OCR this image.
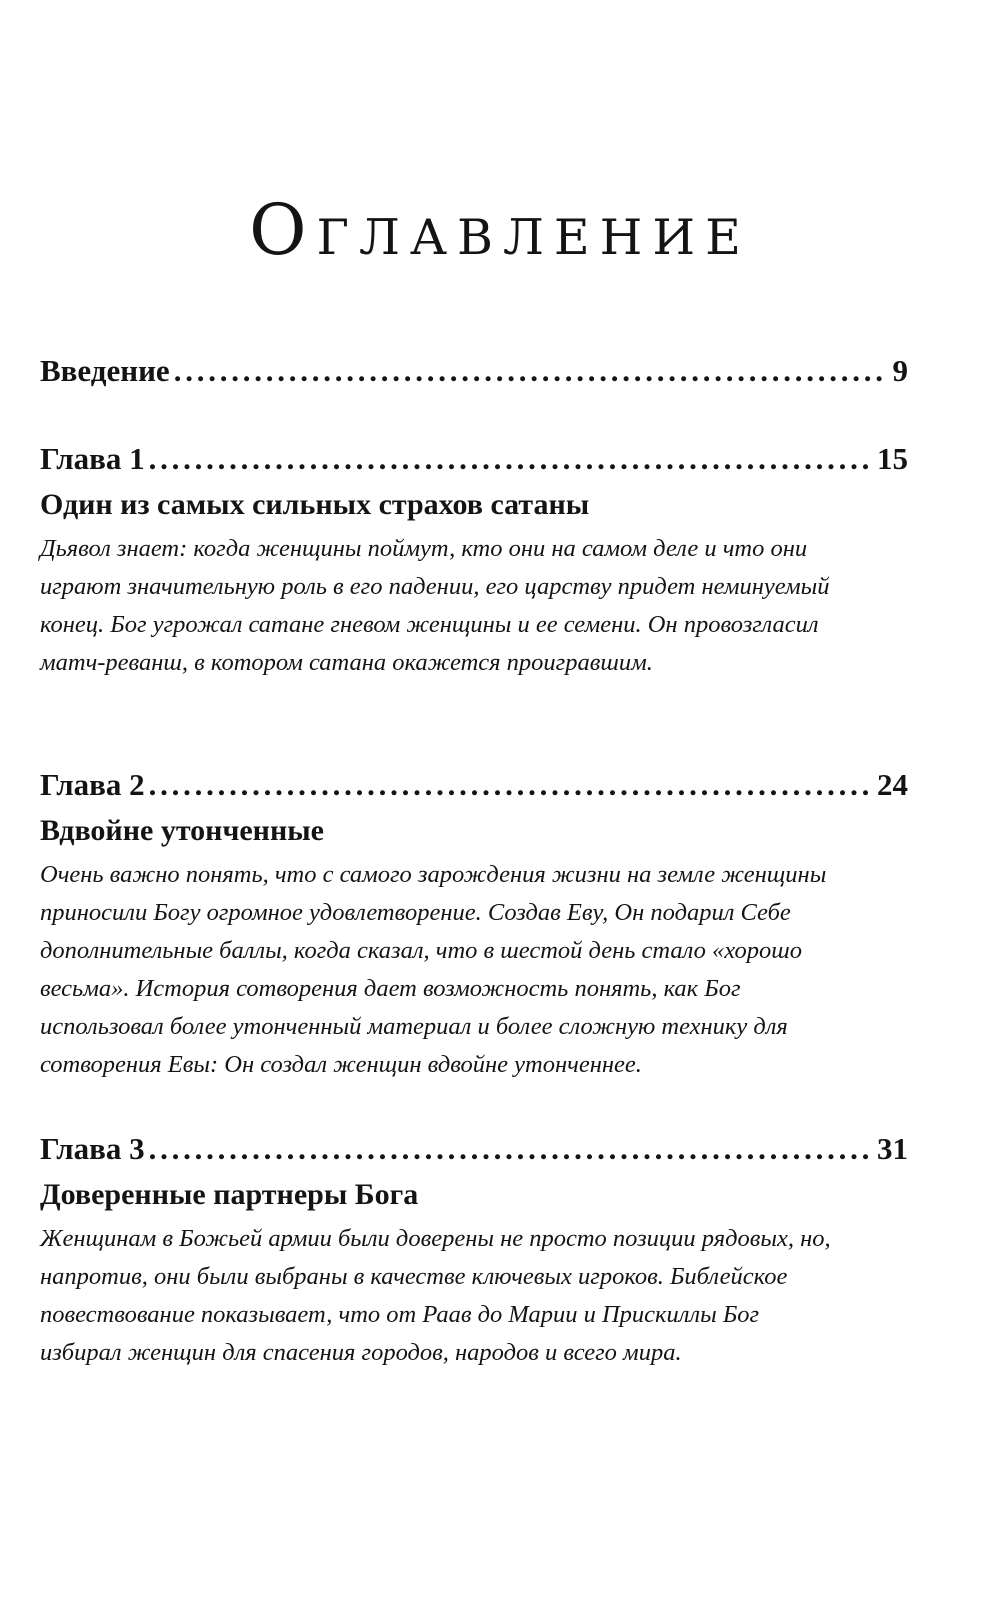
Оглавление
Введение . . .	9
Глава 1 . . .	15
Один из самых сильных страхов сатаны
Дьявол знает: когда женщины поймут, кто они на самом деле и что они играют значительную роль в его падении, его царству придет неминуемый конец. Бог угрожал сатане гневом женщины и ее семени. Он провозгласил матч-реванш, в котором сатана окажется проигравшим.
Глава 2 . . .	24
Вдвойне утонченные
Очень важно понять, что с самого зарождения жизни на земле женщины приносили Богу огромное удовлетворение. Создав Еву, Он подарил Себе дополнительные баллы, когда сказал, что в шестой день стало «хорошо весьма». История сотворения дает возможность понять, как Бог использовал более утонченный материал и более сложную технику для сотворения Евы: Он создал женщин вдвойне утонченнее.
Глава 3 . . .	31
Доверенные партнеры Бога
Женщинам в Божьей армии были доверены не просто позиции рядовых, но, напротив, они были выбраны в качестве ключевых игроков. Библейское повествование показывает, что от Раав до Марии и Прискиллы Бог избирал женщин для спасения городов, народов и всего мира.
